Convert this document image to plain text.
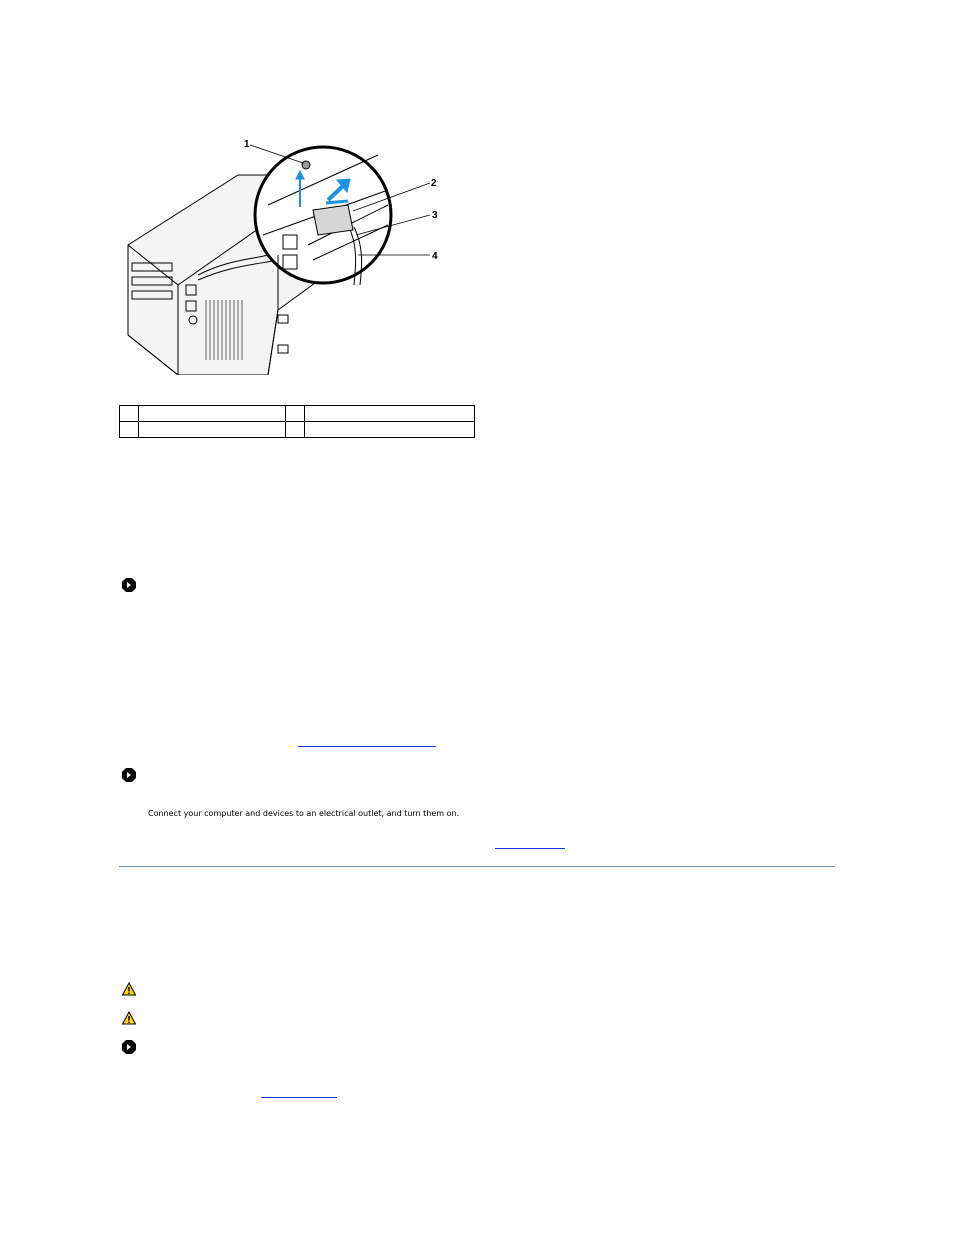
1
2
3
4

Connect your computer and devices to an electrical outlet, and turn them on.
